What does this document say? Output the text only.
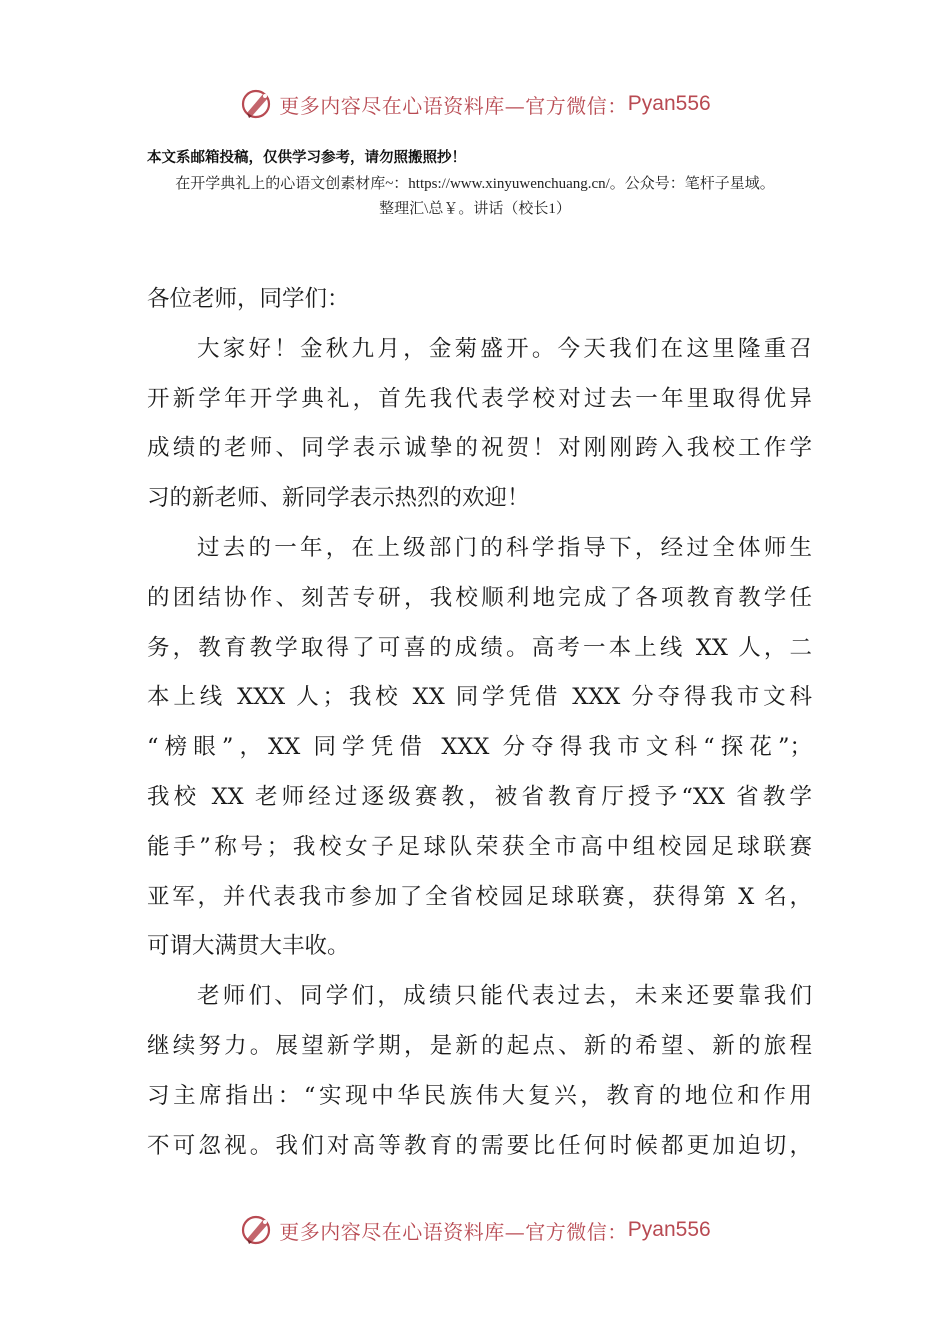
更多内容尽在心语资料库—官方微信： Pyan556
本文系邮箱投稿，仅供学习参考，请勿照搬照抄！
在开学典礼上的心语文创素材库~：https://www.xinyuwenchuang.cn/。公众号：笔杆子星域。
整理汇\总￥。讲话（校长1）
各位老师，同学们：
大家好！金秋九月，金菊盛开。今天我们在这里隆重召
开新学年开学典礼，首先我代表学校对过去一年里取得优异
成绩的老师、同学表示诚挚的祝贺！对刚刚跨入我校工作学
习的新老师、新同学表示热烈的欢迎！
过去的一年，在上级部门的科学指导下，经过全体师生
的团结协作、刻苦专研，我校顺利地完成了各项教育教学任
务，教育教学取得了可喜的成绩。高考一本上线 XX 人，二
本上线 XXX 人；我校 XX 同学凭借 XXX 分夺得我市文科
“榜眼”，XX 同学凭借 XXX 分夺得我市文科“探花”；
我校 XX 老师经过逐级赛教，被省教育厅授予“XX 省教学
能手”称号；我校女子足球队荣获全市高中组校园足球联赛
亚军，并代表我市参加了全省校园足球联赛，获得第 X 名，
可谓大满贯大丰收。
老师们、同学们，成绩只能代表过去，未来还要靠我们
继续努力。展望新学期，是新的起点、新的希望、新的旅程
习主席指出：“实现中华民族伟大复兴，教育的地位和作用
不可忽视。我们对高等教育的需要比任何时候都更加迫切，
更多内容尽在心语资料库—官方微信： Pyan556
